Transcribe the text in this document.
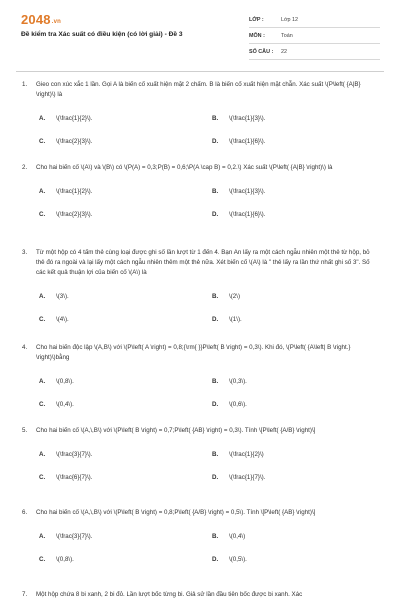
2048.vn
Đề kiểm tra Xác suất có điều kiện (có lời giải) - Đề 3
LỚP :	Lớp 12
MÔN :	Toán
SỐ CÂU :	22
1.	Gieo con xúc xắc 1 lần. Gọi A là biến cố xuất hiện mặt 2 chấm. B là biến cố xuất hiện mặt chẵn. Xác suất \(P\left( {A|B} \right)\) là
A.	\(\frac{1}{2}\).	B.	\(\frac{1}{3}\).
C.	\(\frac{2}{3}\).	D.	\(\frac{1}{6}\).
2.	Cho hai biến cố \(A\) và \(B\) có \(P(A) = 0,3;P(B) = 0,6;\P(A \cap B) = 0,2.\) Xác suất \(P\left( {A|B} \right)\) là
A.	\(\frac{1}{2}\).	B.	\(\frac{1}{3}\).
C.	\(\frac{2}{3}\).	D.	\(\frac{1}{6}\).
3.	Từ một hộp có 4 tấm thẻ cùng loại được ghi số lần lượt từ 1 đến 4. Bạn An lấy ra một cách ngẫu nhiên một thẻ từ hộp, bỏ thẻ đó ra ngoài và lại lấy một cách ngẫu nhiên thêm một thẻ nữa. Xét biến cố \(A\) là " thẻ lấy ra lần thứ nhất ghi số 3". Số các kết quả thuận lợi của biến cố \(A\) là
A.	\(3\).	B.	\(2\)
C.	\(4\).	D.	\(1\).
4.	Cho hai biến độc lập \(A,B\) với \(P\left( A \right) = 0,8;{\rm{ }}P\left( B \right) = 0,3\). Khi đó, \(P\left( {A\left| B \right.} \right)\)bằng
A.	\(0,8\).	B.	\(0,3\).
C.	\(0,4\).	D.	\(0,6\).
5.	Cho hai biến cố \(A,\,B\) với \(P\left( B \right) = 0,7;P\left( {AB} \right) = 0,3\). Tính \[P\left( {A/B} \right)\]
A.	\(\frac{3}{7}\).	B.	\(\frac{1}{2}\)
C.	\(\frac{6}{7}\).	D.	\(\frac{1}{7}\).
6.	Cho hai biến cố \(A,\,B\) với \(P\left( B \right) = 0,8;P\left( {A/B} \right) = 0,5\). Tính \[P\left( {AB} \right)\]
A.	\(\frac{3}{7}\).	B.	\(0,4\)
C.	\(0,8\).	D.	\(0,5\).
7.	Một hộp chứa 8 bi xanh, 2 bi đỏ. Lần lượt bốc từng bi. Giả sử lần đầu tiên bốc được bi xanh. Xác
